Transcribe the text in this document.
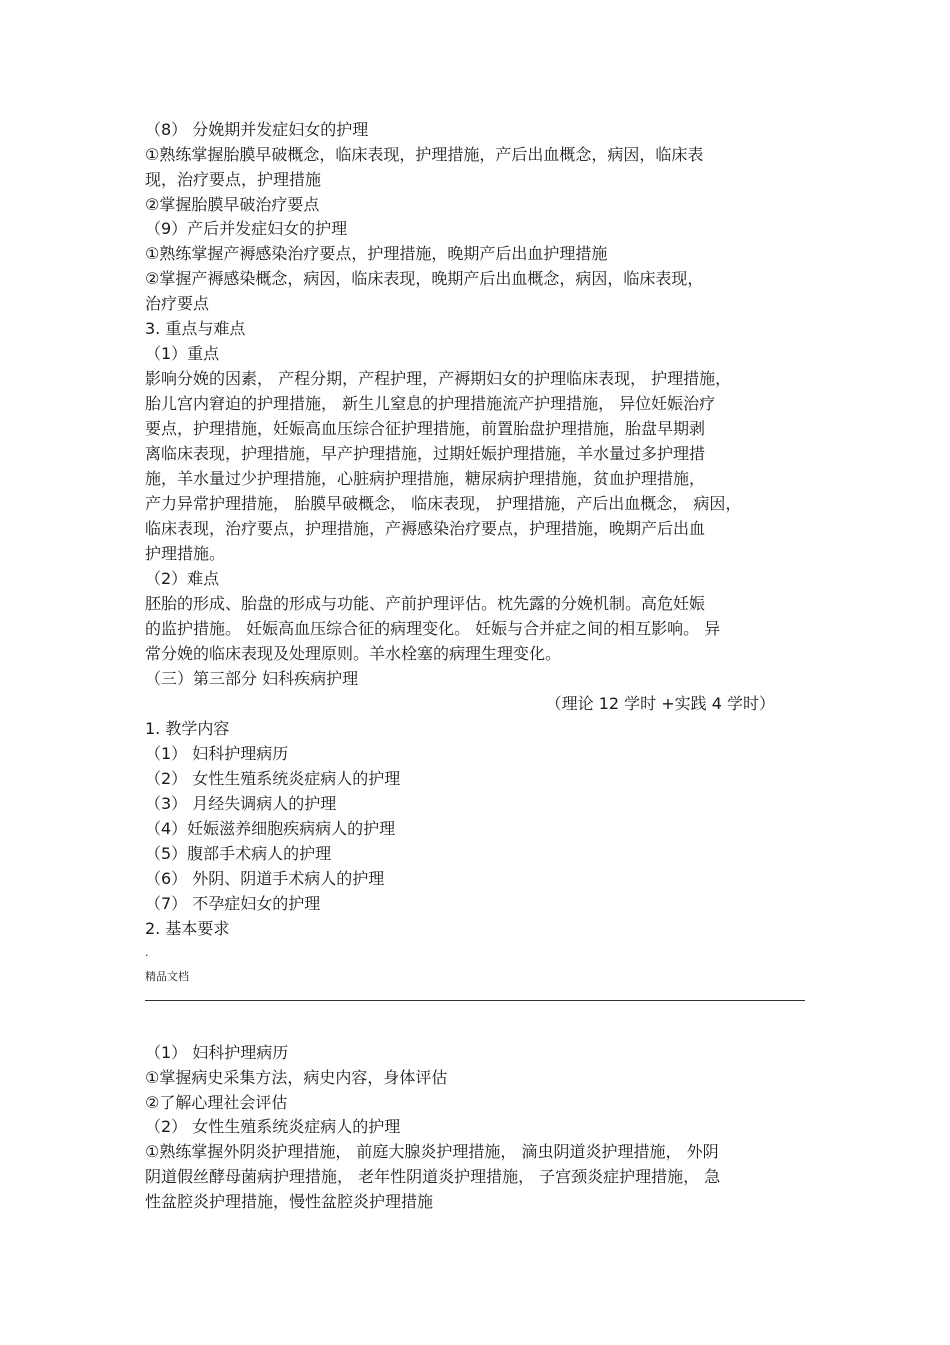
（8） 分娩期并发症妇女的护理
①熟练掌握胎膜早破概念，临床表现，护理措施，产后出血概念，病因，临床表
现，治疗要点，护理措施
②掌握胎膜早破治疗要点
（9）产后并发症妇女的护理
①熟练掌握产褥感染治疗要点，护理措施，晚期产后出血护理措施
②掌握产褥感染概念，病因，临床表现，晚期产后出血概念，病因，临床表现，
治疗要点
3. 重点与难点
（1）重点
影响分娩的因素， 产程分期，产程护理，产褥期妇女的护理临床表现， 护理措施，
胎儿宫内窘迫的护理措施， 新生儿窒息的护理措施流产护理措施， 异位妊娠治疗
要点，护理措施，妊娠高血压综合征护理措施，前置胎盘护理措施，胎盘早期剥
离临床表现，护理措施，早产护理措施，过期妊娠护理措施，羊水量过多护理措
施，羊水量过少护理措施，心脏病护理措施，糖尿病护理措施，贫血护理措施，
产力异常护理措施， 胎膜早破概念， 临床表现， 护理措施，产后出血概念， 病因，
临床表现，治疗要点，护理措施，产褥感染治疗要点，护理措施，晚期产后出血
护理措施。
（2）难点
胚胎的形成、胎盘的形成与功能、产前护理评估。枕先露的分娩机制。高危妊娠
的监护措施。 妊娠高血压综合征的病理变化。 妊娠与合并症之间的相互影响。 异
常分娩的临床表现及处理原则。羊水栓塞的病理生理变化。
（三）第三部分 妇科疾病护理
（理论 12 学时 +实践 4 学时）
1. 教学内容
（1） 妇科护理病历
（2） 女性生殖系统炎症病人的护理
（3） 月经失调病人的护理
（4）妊娠滋养细胞疾病病人的护理
（5）腹部手术病人的护理
（6） 外阴、阴道手术病人的护理
（7） 不孕症妇女的护理
2. 基本要求
.
精品文档
（1） 妇科护理病历
①掌握病史采集方法，病史内容，身体评估
②了解心理社会评估
（2） 女性生殖系统炎症病人的护理
①熟练掌握外阴炎护理措施， 前庭大腺炎护理措施， 滴虫阴道炎护理措施， 外阴
阴道假丝酵母菌病护理措施， 老年性阴道炎护理措施， 子宫颈炎症护理措施， 急
性盆腔炎护理措施，慢性盆腔炎护理措施
